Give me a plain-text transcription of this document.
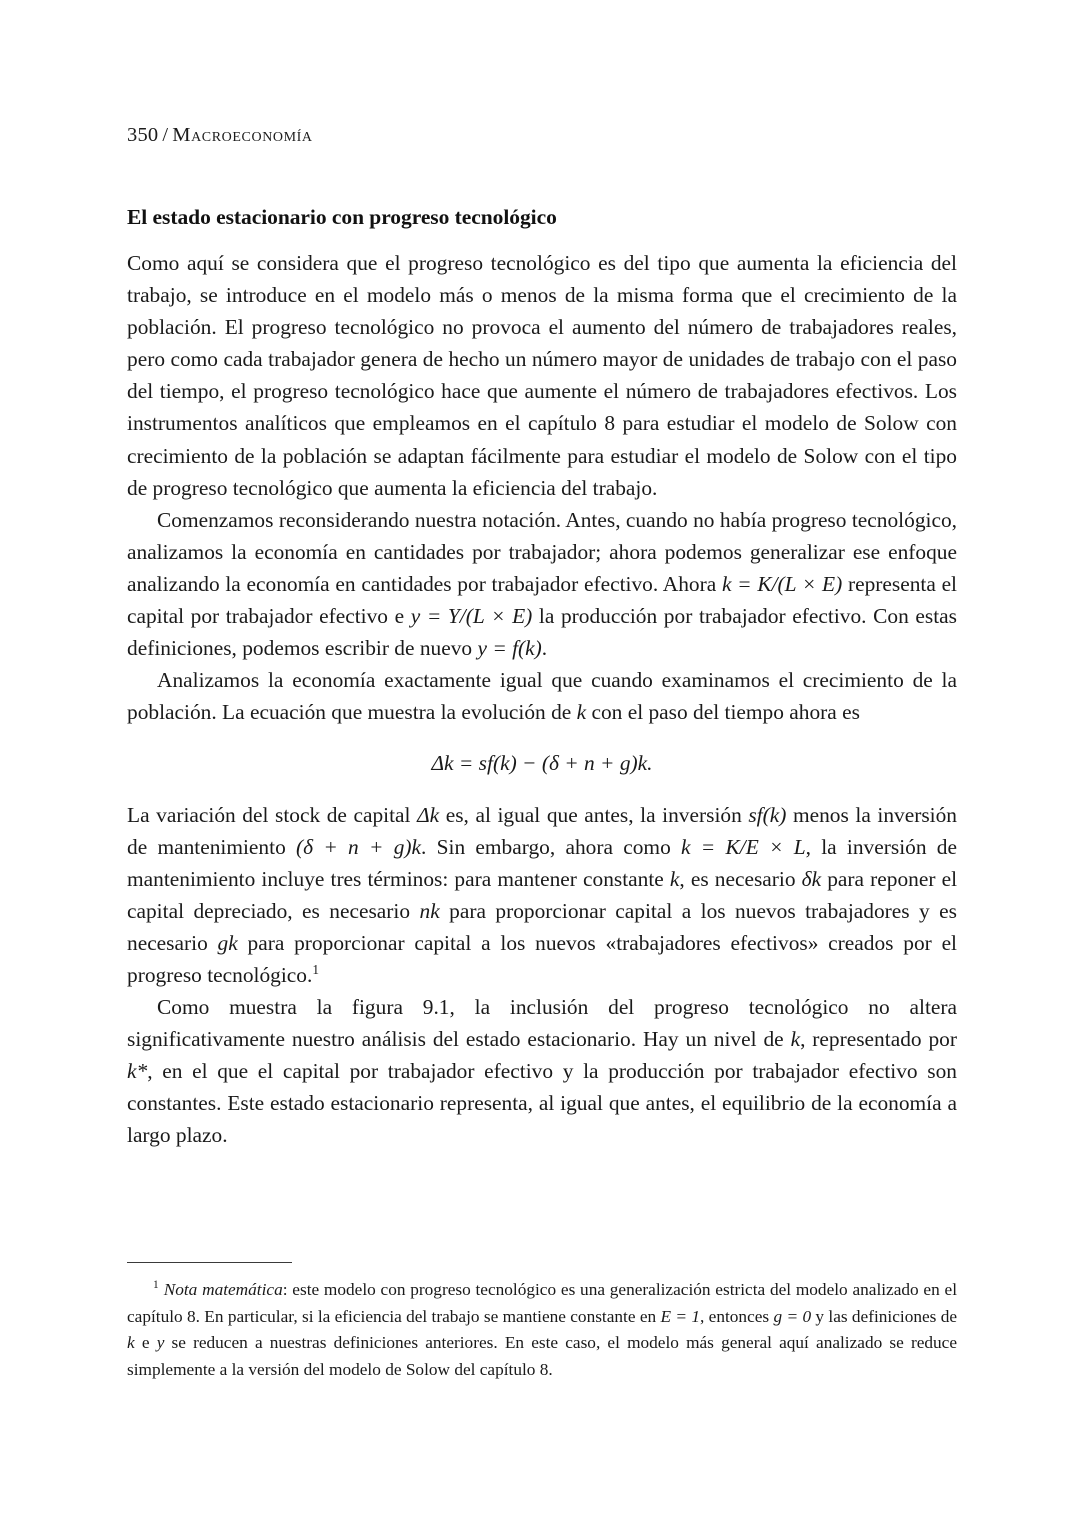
350 / Macroeconomía
El estado estacionario con progreso tecnológico

Como aquí se considera que el progreso tecnológico es del tipo que aumenta la eficiencia del trabajo, se introduce en el modelo más o menos de la misma forma que el crecimiento de la población. El progreso tecnológico no provoca el aumento del número de trabajadores reales, pero como cada trabajador genera de hecho un número mayor de unidades de trabajo con el paso del tiempo, el progreso tecnológico hace que aumente el número de trabajadores efectivos. Los instrumentos analíticos que empleamos en el capítulo 8 para estudiar el modelo de Solow con crecimiento de la población se adaptan fácilmente para estudiar el modelo de Solow con el tipo de progreso tecnológico que aumenta la eficiencia del trabajo.

Comenzamos reconsiderando nuestra notación. Antes, cuando no había progreso tecnológico, analizamos la economía en cantidades por trabajador; ahora podemos generalizar ese enfoque analizando la economía en cantidades por trabajador efectivo. Ahora k = K/(L × E) representa el capital por trabajador efectivo e y = Y/(L × E) la producción por trabajador efectivo. Con estas definiciones, podemos escribir de nuevo y = f(k).

Analizamos la economía exactamente igual que cuando examinamos el crecimiento de la población. La ecuación que muestra la evolución de k con el paso del tiempo ahora es

Δk = sf(k) − (δ + n + g)k.

La variación del stock de capital Δk es, al igual que antes, la inversión sf(k) menos la inversión de mantenimiento (δ + n + g)k. Sin embargo, ahora como k = K/E × L, la inversión de mantenimiento incluye tres términos: para mantener constante k, es necesario δk para reponer el capital depreciado, es necesario nk para proporcionar capital a los nuevos trabajadores y es necesario gk para proporcionar capital a los nuevos «trabajadores efectivos» creados por el progreso tecnológico.$^1$

Como muestra la figura 9.1, la inclusión del progreso tecnológico no altera significativamente nuestro análisis del estado estacionario. Hay un nivel de k, representado por k*, en el que el capital por trabajador efectivo y la producción por trabajador efectivo son constantes. Este estado estacionario representa, al igual que antes, el equilibrio de la economía a largo plazo.

$^1$ Nota matemática: este modelo con progreso tecnológico es una generalización estricta del modelo analizado en el capítulo 8. En particular, si la eficiencia del trabajo se mantiene constante en E = 1, entonces g = 0 y las definiciones de k e y se reducen a nuestras definiciones anteriores. En este caso, el modelo más general aquí analizado se reduce simplemente a la versión del modelo de Solow del capítulo 8.
